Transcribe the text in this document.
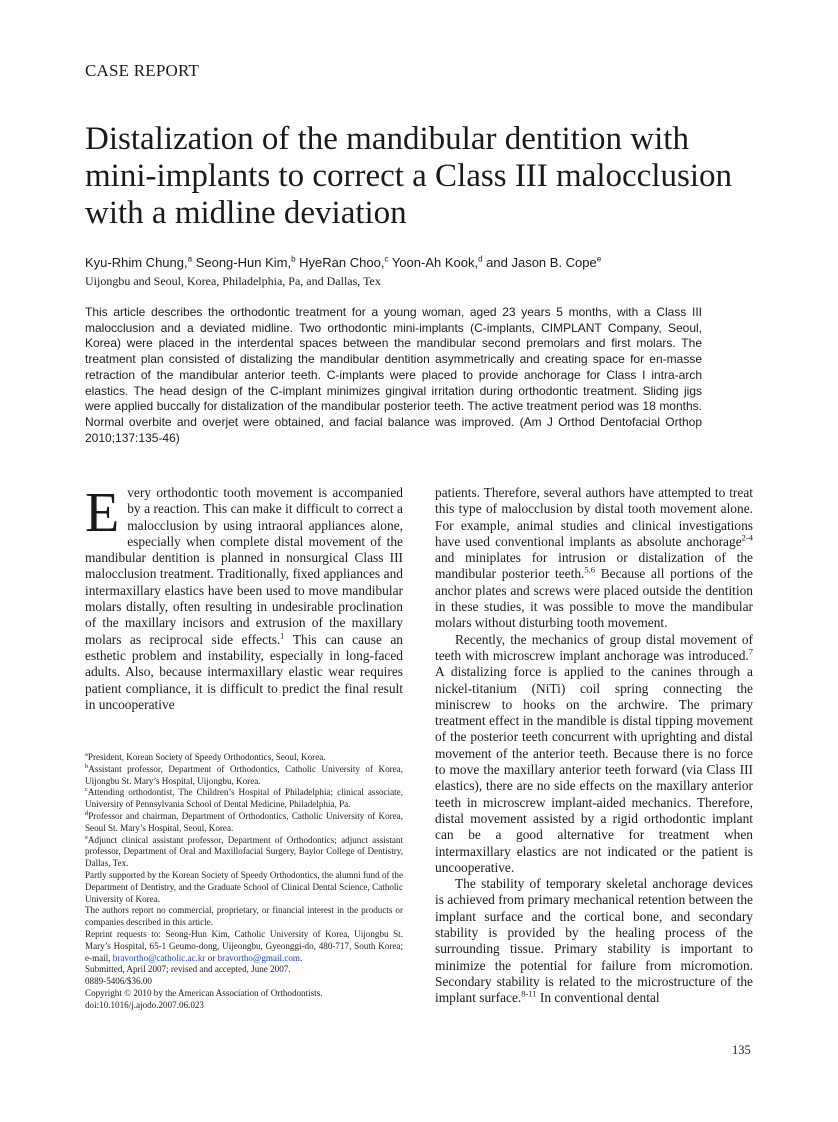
CASE REPORT
Distalization of the mandibular dentition with
mini-implants to correct a Class III malocclusion
with a midline deviation
Kyu-Rhim Chung,$^a$ Seong-Hun Kim,$^b$ HyeRan Choo,$^c$ Yoon-Ah Kook,$^d$ and Jason B. Cope$^e$
Uijongbu and Seoul, Korea, Philadelphia, Pa, and Dallas, Tex

This article describes the orthodontic treatment for a young woman, aged 23 years 5 months, with a Class III malocclusion and a deviated midline. Two orthodontic mini-implants (C-implants, CIMPLANT Company, Seoul, Korea) were placed in the interdental spaces between the mandibular second premolars and first molars. The treatment plan consisted of distalizing the mandibular dentition asymmetrically and creating space for en-masse retraction of the mandibular anterior teeth. C-implants were placed to provide anchorage for Class I intra-arch elastics. The head design of the C-implant minimizes gingival irritation during orthodontic treatment. Sliding jigs were applied buccally for distalization of the mandibular posterior teeth. The active treatment period was 18 months. Normal overbite and overjet were obtained, and facial balance was improved. (Am J Orthod Dentofacial Orthop 2010;137:135-46)

Every orthodontic tooth movement is accompanied by a reaction. This can make it difficult to correct a malocclusion by using intraoral appliances alone, especially when complete distal movement of the mandibular dentition is planned in nonsurgical Class III malocclusion treatment. Traditionally, fixed appliances and intermaxillary elastics have been used to move mandibular molars distally, often resulting in undesirable proclination of the maxillary incisors and extrusion of the maxillary molars as reciprocal side effects.$^1$ This can cause an esthetic problem and instability, especially in long-faced adults. Also, because intermaxillary elastic wear requires patient compliance, it is difficult to predict the final result in uncooperative

patients. Therefore, several authors have attempted to treat this type of malocclusion by distal tooth movement alone. For example, animal studies and clinical investigations have used conventional implants as absolute anchorage$^{2-4}$ and miniplates for intrusion or distalization of the mandibular posterior teeth.$^{5,6}$ Because all portions of the anchor plates and screws were placed outside the dentition in these studies, it was possible to move the mandibular molars without disturbing tooth movement.

Recently, the mechanics of group distal movement of teeth with microscrew implant anchorage was introduced.$^7$ A distalizing force is applied to the canines through a nickel-titanium (NiTi) coil spring connecting the miniscrew to hooks on the archwire. The primary treatment effect in the mandible is distal tipping movement of the posterior teeth concurrent with uprighting and distal movement of the anterior teeth. Because there is no force to move the maxillary anterior teeth forward (via Class III elastics), there are no side effects on the maxillary anterior teeth in microscrew implant-aided mechanics. Therefore, distal movement assisted by a rigid orthodontic implant can be a good alternative for treatment when intermaxillary elastics are not indicated or the patient is uncooperative.

The stability of temporary skeletal anchorage devices is achieved from primary mechanical retention between the implant surface and the cortical bone, and secondary stability is provided by the healing process of the surrounding tissue. Primary stability is important to minimize the potential for failure from micromotion. Secondary stability is related to the microstructure of the implant surface.$^{8-11}$ In conventional dental

$^a$President, Korean Society of Speedy Orthodontics, Seoul, Korea.

$^b$Assistant professor, Department of Orthodontics, Catholic University of Korea, Uijongbu St. Mary’s Hospital, Uijongbu, Korea.

$^c$Attending orthodontist, The Children’s Hospital of Philadelphia; clinical associate, University of Pennsylvania School of Dental Medicine, Philadelphia, Pa.

$^d$Professor and chairman, Department of Orthodontics, Catholic University of Korea, Seoul St. Mary’s Hospital, Seoul, Korea.

$^e$Adjunct clinical assistant professor, Department of Orthodontics; adjunct assistant professor, Department of Oral and Maxillofacial Surgery, Baylor College of Dentistry, Dallas, Tex.

Partly supported by the Korean Society of Speedy Orthodontics, the alumni fund of the Department of Dentistry, and the Graduate School of Clinical Dental Science, Catholic University of Korea.

The authors report no commercial, proprietary, or financial interest in the products or companies described in this article.

Reprint requests to: Seong-Hun Kim, Catholic University of Korea, Uijongbu St. Mary’s Hospital, 65-1 Geumo-dong, Uijeongbu, Gyeonggi-do, 480-717, South Korea; e-mail, bravortho@catholic.ac.kr or bravortho@gmail.com.

Submitted, April 2007; revised and accepted, June 2007.

0889-5406/$36.00

Copyright © 2010 by the American Association of Orthodontists.

doi:10.1016/j.ajodo.2007.06.023

135
